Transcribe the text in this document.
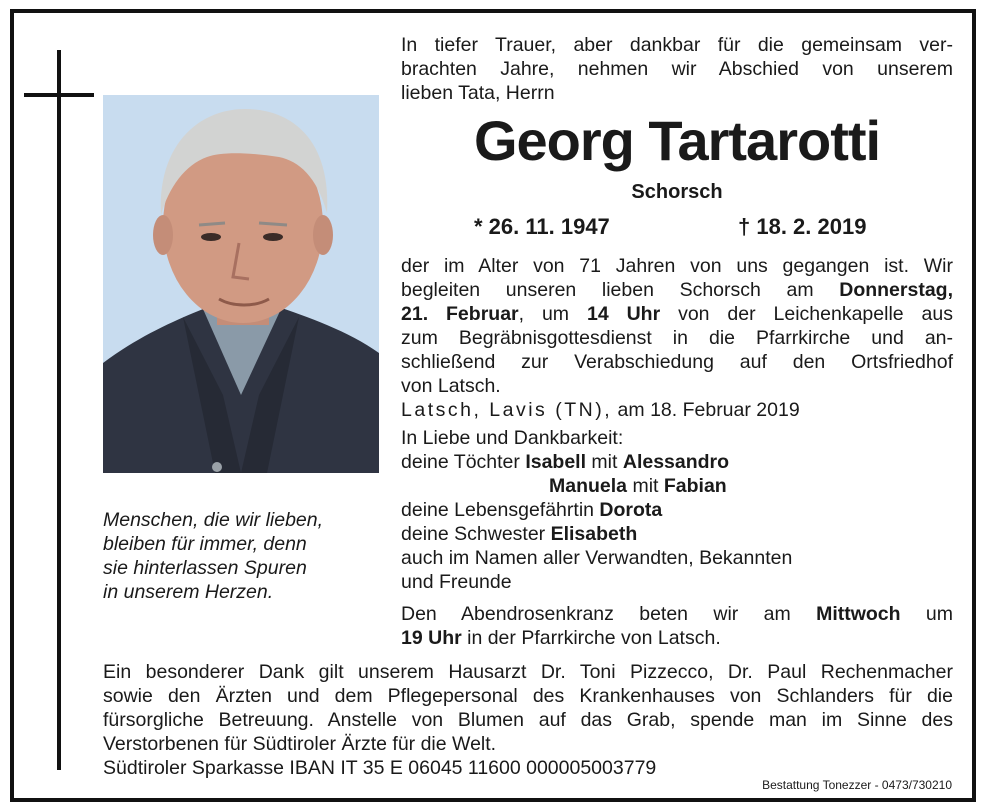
Menschen, die wir lieben,
bleiben für immer, denn
sie hinterlassen Spuren
in unserem Herzen.
In tiefer Trauer, aber dankbar für die gemeinsam ver-
brachten Jahre, nehmen wir Abschied von unserem
lieben Tata, Herrn
Georg Tartarotti
Schorsch
* 26. 11. 1947	† 18. 2. 2019
der im Alter von 71 Jahren von uns gegangen ist. Wir
begleiten unseren lieben Schorsch am Donnerstag,
21. Februar, um 14 Uhr von der Leichenkapelle aus
zum Begräbnisgottesdienst in die Pfarrkirche und an-
schließend zur Verabschiedung auf den Ortsfriedhof
von Latsch.
Latsch, Lavis (TN), am 18. Februar 2019
In Liebe und Dankbarkeit:
deine Töchter Isabell mit Alessandro
Manuela mit Fabian
deine Lebensgefährtin Dorota
deine Schwester Elisabeth
auch im Namen aller Verwandten, Bekannten
und Freunde
Den Abendrosenkranz beten wir am Mittwoch um
19 Uhr in der Pfarrkirche von Latsch.
Ein besonderer Dank gilt unserem Hausarzt Dr. Toni Pizzecco, Dr. Paul Rechenmacher
sowie den Ärzten und dem Pflegepersonal des Krankenhauses von Schlanders für die
fürsorgliche Betreuung. Anstelle von Blumen auf das Grab, spende man im Sinne des
Verstorbenen für Südtiroler Ärzte für die Welt.
Südtiroler Sparkasse IBAN IT 35 E 06045 11600 000005003779
Bestattung Tonezzer - 0473/730210
